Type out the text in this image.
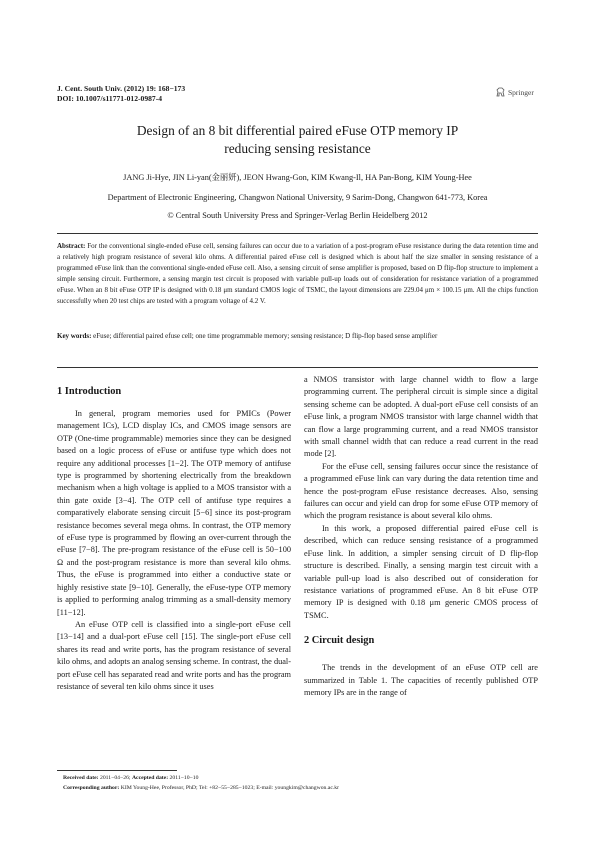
J. Cent. South Univ. (2012) 19: 168−173
DOI: 10.1007/s11771-012-0987-4
Springer
Design of an 8 bit differential paired eFuse OTP memory IP
reducing sensing resistance
JANG Ji-Hye, JIN Li-yan(金丽妍), JEON Hwang-Gon, KIM Kwang-Il, HA Pan-Bong, KIM Young-Hee
Department of Electronic Engineering, Changwon National University, 9 Sarim-Dong, Changwon 641-773, Korea
© Central South University Press and Springer-Verlag Berlin Heidelberg 2012
Abstract: For the conventional single-ended eFuse cell, sensing failures can occur due to a variation of a post-program eFuse resistance during the data retention time and a relatively high program resistance of several kilo ohms. A differential paired eFuse cell is designed which is about half the size smaller in sensing resistance of a programmed eFuse link than the conventional single-ended eFuse cell. Also, a sensing circuit of sense amplifier is proposed, based on D flip-flop structure to implement a simple sensing circuit. Furthermore, a sensing margin test circuit is proposed with variable pull-up loads out of consideration for resistance variation of a programmed eFuse. When an 8 bit eFuse OTP IP is designed with 0.18 μm standard CMOS logic of TSMC, the layout dimensions are 229.04 μm × 100.15 μm. All the chips function successfully when 20 test chips are tested with a program voltage of 4.2 V.
Key words: eFuse; differential paired efuse cell; one time programmable memory; sensing resistance; D flip-flop based sense amplifier
1 Introduction

In general, program memories used for PMICs (Power management ICs), LCD display ICs, and CMOS image sensors are OTP (One-time programmable) memories since they can be designed based on a logic process of eFuse or antifuse type which does not require any additional processes [1−2]. The OTP memory of antifuse type is programmed by shortening electrically from the breakdown mechanism when a high voltage is applied to a MOS transistor with a thin gate oxide [3−4]. The OTP cell of antifuse type requires a comparatively elaborate sensing circuit [5−6] since its post-program resistance becomes several mega ohms. In contrast, the OTP memory of eFuse type is programmed by flowing an over-current through the eFuse [7−8]. The pre-program resistance of the eFuse cell is 50−100 Ω and the post-program resistance is more than several kilo ohms. Thus, the eFuse is programmed into either a conductive state or highly resistive state [9−10]. Generally, the eFuse-type OTP memory is applied to performing analog trimming as a small-density memory [11−12].

An eFuse OTP cell is classified into a single-port eFuse cell [13−14] and a dual-port eFuse cell [15]. The single-port eFuse cell shares its read and write ports, has the program resistance of several kilo ohms, and adopts an analog sensing scheme. In contrast, the dual-port eFuse cell has separated read and write ports and has the program resistance of several ten kilo ohms since it uses

a NMOS transistor with large channel width to flow a large programming current. The peripheral circuit is simple since a digital sensing scheme can be adopted. A dual-port eFuse cell consists of an eFuse link, a program NMOS transistor with large channel width that can flow a large programming current, and a read NMOS transistor with small channel width that can reduce a read current in the read mode [2].

For the eFuse cell, sensing failures occur since the resistance of a programmed eFuse link can vary during the data retention time and hence the post-program eFuse resistance decreases. Also, sensing failures can occur and yield can drop for some eFuse OTP memory of which the program resistance is about several kilo ohms.

In this work, a proposed differential paired eFuse cell is described, which can reduce sensing resistance of a programmed eFuse link. In addition, a simpler sensing circuit of D flip-flop structure is described. Finally, a sensing margin test circuit with a variable pull-up load is also described out of consideration for resistance variations of programmed eFuse. An 8 bit eFuse OTP memory IP is designed with 0.18 μm generic CMOS process of TSMC.

2 Circuit design

The trends in the development of an eFuse OTP cell are summarized in Table 1. The capacities of recently published OTP memory IPs are in the range of

Received date: 2011−04−26; Accepted date: 2011−10−10
Corresponding author: KIM Young-Hee, Professor, PhD; Tel: +82−55−285−1023; E-mail: youngkim@changwon.ac.kr
